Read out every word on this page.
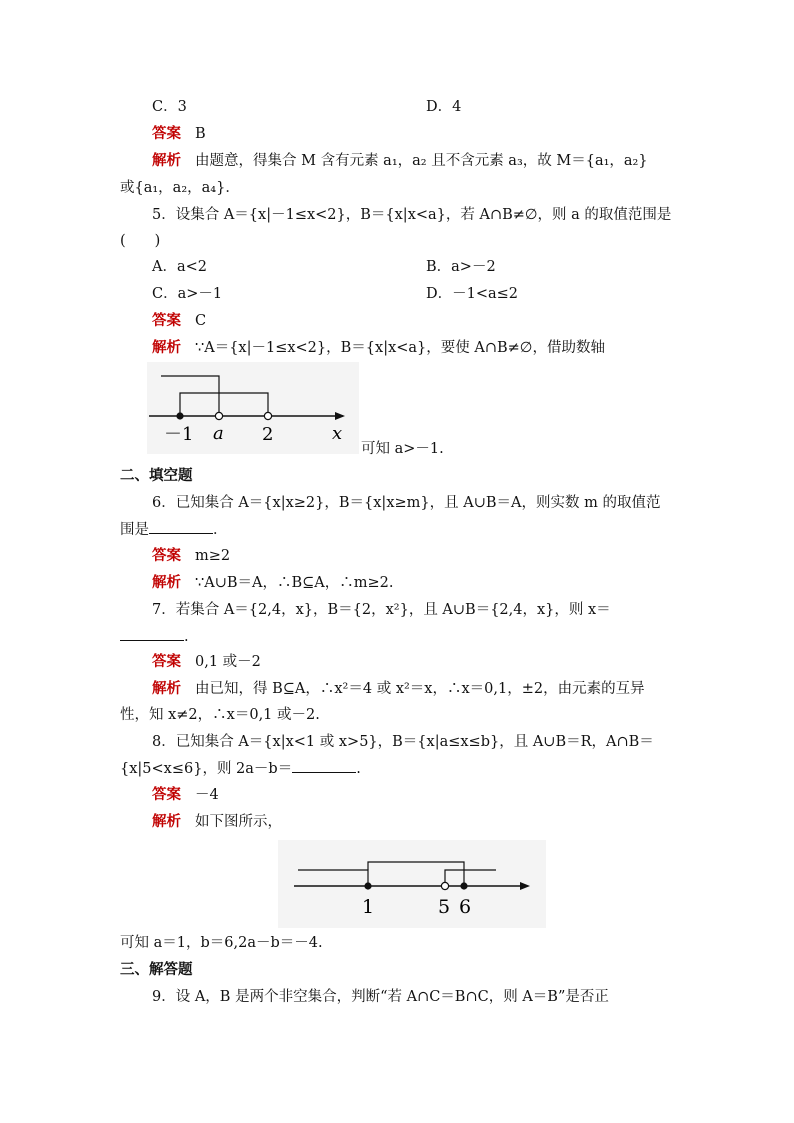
C．3	D．4
答案 B
解析 由题意，得集合 M 含有元素 a₁，a₂ 且不含元素 a₃，故 M＝{a₁，a₂}
或{a₁，a₂，a₄}．
5．设集合 A＝{x|－1≤x<2}，B＝{x|x<a}，若 A∩B≠∅，则 a 的取值范围是
(　　)
A．a<2	B．a>－2
C．a>－1	D．－1<a≤2
答案 C
解析 ∵A＝{x|－1≤x<2}，B＝{x|x<a}，要使 A∩B≠∅，借助数轴
－1 a 2	x
可知 a>－1.
二、填空题
6．已知集合 A＝{x|x≥2}，B＝{x|x≥m}，且 A∪B＝A，则实数 m 的取值范
围是	．
答案 m≥2
解析 ∵A∪B＝A，∴B⊆A，∴m≥2.
7．若集合 A＝{2,4，x}，B＝{2，x²}，且 A∪B＝{2,4，x}，则 x＝
.
答案 0,1 或－2
解析 由已知，得 B⊆A，∴x²＝4 或 x²＝x，∴x＝0,1，±2，由元素的互异
性，知 x≠2，∴x＝0,1 或－2.
8．已知集合 A＝{x|x<1 或 x>5}，B＝{x|a≤x≤b}，且 A∪B＝R，A∩B＝
{x|5<x≤6}，则 2a－b＝	.
答案 －4
解析 如下图所示，
1	5 6
可知 a＝1，b＝6,2a－b＝－4.
三、解答题
9．设 A，B 是两个非空集合，判断“若 A∩C＝B∩C，则 A＝B”是否正
